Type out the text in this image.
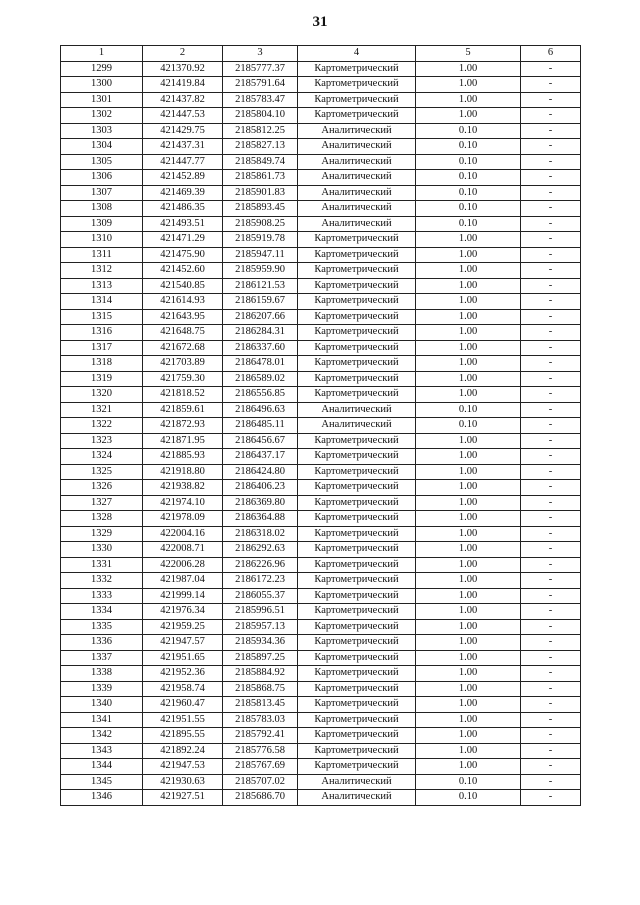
31
1	2	3	4	5	6
1299	421370.92	2185777.37	Картометрический	1.00	-
1300	421419.84	2185791.64	Картометрический	1.00	-
1301	421437.82	2185783.47	Картометрический	1.00	-
1302	421447.53	2185804.10	Картометрический	1.00	-
1303	421429.75	2185812.25	Аналитический	0.10	-
1304	421437.31	2185827.13	Аналитический	0.10	-
1305	421447.77	2185849.74	Аналитический	0.10	-
1306	421452.89	2185861.73	Аналитический	0.10	-
1307	421469.39	2185901.83	Аналитический	0.10	-
1308	421486.35	2185893.45	Аналитический	0.10	-
1309	421493.51	2185908.25	Аналитический	0.10	-
1310	421471.29	2185919.78	Картометрический	1.00	-
1311	421475.90	2185947.11	Картометрический	1.00	-
1312	421452.60	2185959.90	Картометрический	1.00	-
1313	421540.85	2186121.53	Картометрический	1.00	-
1314	421614.93	2186159.67	Картометрический	1.00	-
1315	421643.95	2186207.66	Картометрический	1.00	-
1316	421648.75	2186284.31	Картометрический	1.00	-
1317	421672.68	2186337.60	Картометрический	1.00	-
1318	421703.89	2186478.01	Картометрический	1.00	-
1319	421759.30	2186589.02	Картометрический	1.00	-
1320	421818.52	2186556.85	Картометрический	1.00	-
1321	421859.61	2186496.63	Аналитический	0.10	-
1322	421872.93	2186485.11	Аналитический	0.10	-
1323	421871.95	2186456.67	Картометрический	1.00	-
1324	421885.93	2186437.17	Картометрический	1.00	-
1325	421918.80	2186424.80	Картометрический	1.00	-
1326	421938.82	2186406.23	Картометрический	1.00	-
1327	421974.10	2186369.80	Картометрический	1.00	-
1328	421978.09	2186364.88	Картометрический	1.00	-
1329	422004.16	2186318.02	Картометрический	1.00	-
1330	422008.71	2186292.63	Картометрический	1.00	-
1331	422006.28	2186226.96	Картометрический	1.00	-
1332	421987.04	2186172.23	Картометрический	1.00	-
1333	421999.14	2186055.37	Картометрический	1.00	-
1334	421976.34	2185996.51	Картометрический	1.00	-
1335	421959.25	2185957.13	Картометрический	1.00	-
1336	421947.57	2185934.36	Картометрический	1.00	-
1337	421951.65	2185897.25	Картометрический	1.00	-
1338	421952.36	2185884.92	Картометрический	1.00	-
1339	421958.74	2185868.75	Картометрический	1.00	-
1340	421960.47	2185813.45	Картометрический	1.00	-
1341	421951.55	2185783.03	Картометрический	1.00	-
1342	421895.55	2185792.41	Картометрический	1.00	-
1343	421892.24	2185776.58	Картометрический	1.00	-
1344	421947.53	2185767.69	Картометрический	1.00	-
1345	421930.63	2185707.02	Аналитический	0.10	-
1346	421927.51	2185686.70	Аналитический	0.10	-
